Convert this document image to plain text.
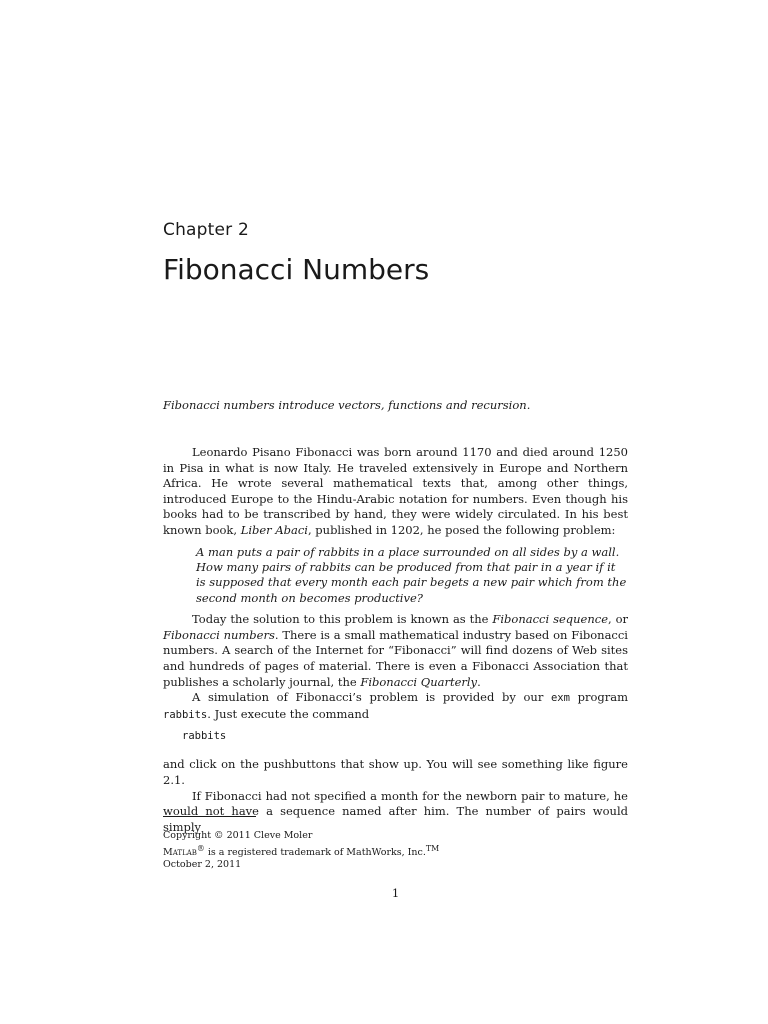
Chapter 2
Fibonacci Numbers
Fibonacci numbers introduce vectors, functions and recursion.

Leonardo Pisano Fibonacci was born around 1170 and died around 1250 in Pisa in what is now Italy. He traveled extensively in Europe and Northern Africa. He wrote several mathematical texts that, among other things, introduced Europe to the Hindu-Arabic notation for numbers. Even though his books had to be transcribed by hand, they were widely circulated. In his best known book, Liber Abaci, published in 1202, he posed the following problem:

A man puts a pair of rabbits in a place surrounded on all sides by a wall.
How many pairs of rabbits can be produced from that pair in a year if it
is supposed that every month each pair begets a new pair which from the
second month on becomes productive?

Today the solution to this problem is known as the Fibonacci sequence, or Fibonacci numbers. There is a small mathematical industry based on Fibonacci numbers. A search of the Internet for “Fibonacci” will find dozens of Web sites and hundreds of pages of material. There is even a Fibonacci Association that publishes a scholarly journal, the Fibonacci Quarterly.

A simulation of Fibonacci’s problem is provided by our exm program rabbits. Just execute the command

rabbits

and click on the pushbuttons that show up. You will see something like figure 2.1.

If Fibonacci had not specified a month for the newborn pair to mature, he would not have a sequence named after him. The number of pairs would simply

Copyright © 2011 Cleve Moler
Matlab® is a registered trademark of MathWorks, Inc.™
October 2, 2011
1
